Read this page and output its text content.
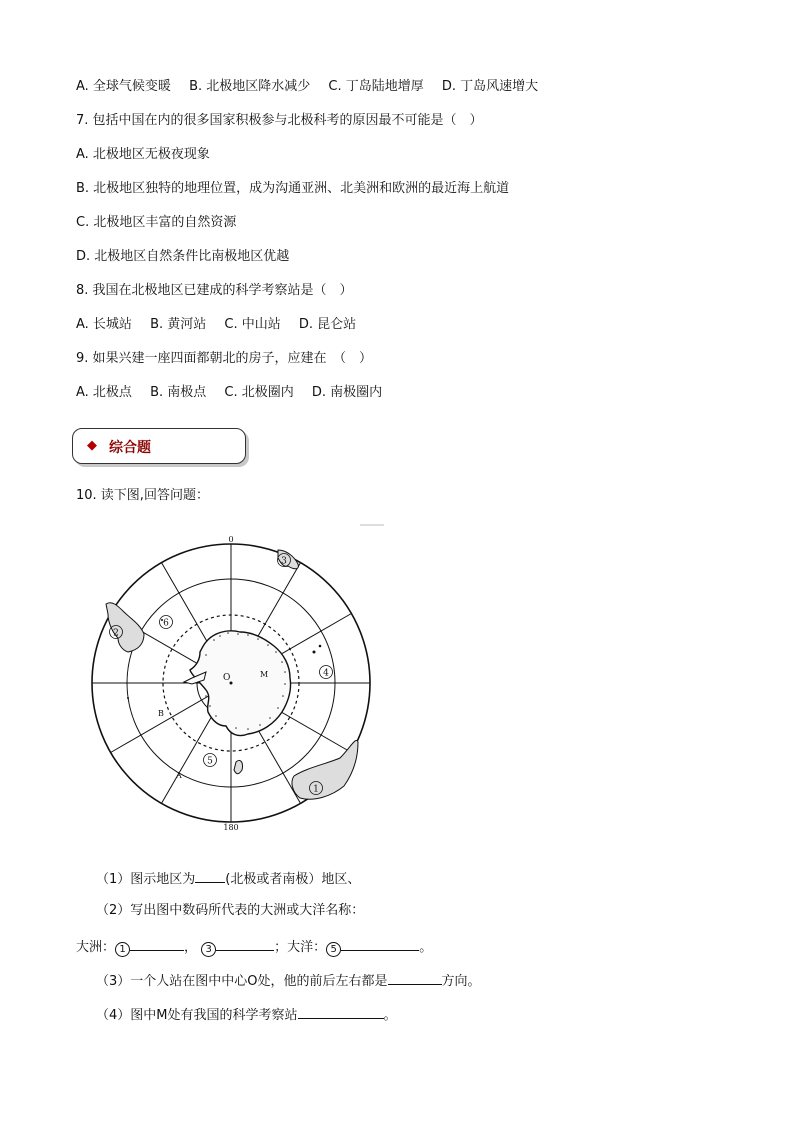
A. 全球气候变暖 B. 北极地区降水减少 C. 丁岛陆地增厚 D. 丁岛风速增大
7. 包括中国在内的很多国家积极参与北极科考的原因最不可能是（　）
A. 北极地区无极夜现象
B. 北极地区独特的地理位置，成为沟通亚洲、北美洲和欧洲的最近海上航道
C. 北极地区丰富的自然资源
D. 北极地区自然条件比南极地区优越
8. 我国在北极地区已建成的科学考察站是（　）
A. 长城站 B. 黄河站 C. 中山站 D. 昆仑站
9. 如果兴建一座四面都朝北的房子，应建在　（　）
A. 北极点 B. 南极点 C. 北极圈内 D. 南极圈内
◆ 综合题
10. 读下图,回答问题：
0
180
O
1
2
3
4
5
6
A
B
M
（1）图示地区为 (北极或者南极）地区、
（2）写出图中数码所代表的大洲或大洋名称：
大洲： 1	， 3	；大洋： 5	。
（3）一个人站在图中中心O处，他的前后左右都是	方向。
（4）图中M处有我国的科学考察站	。
